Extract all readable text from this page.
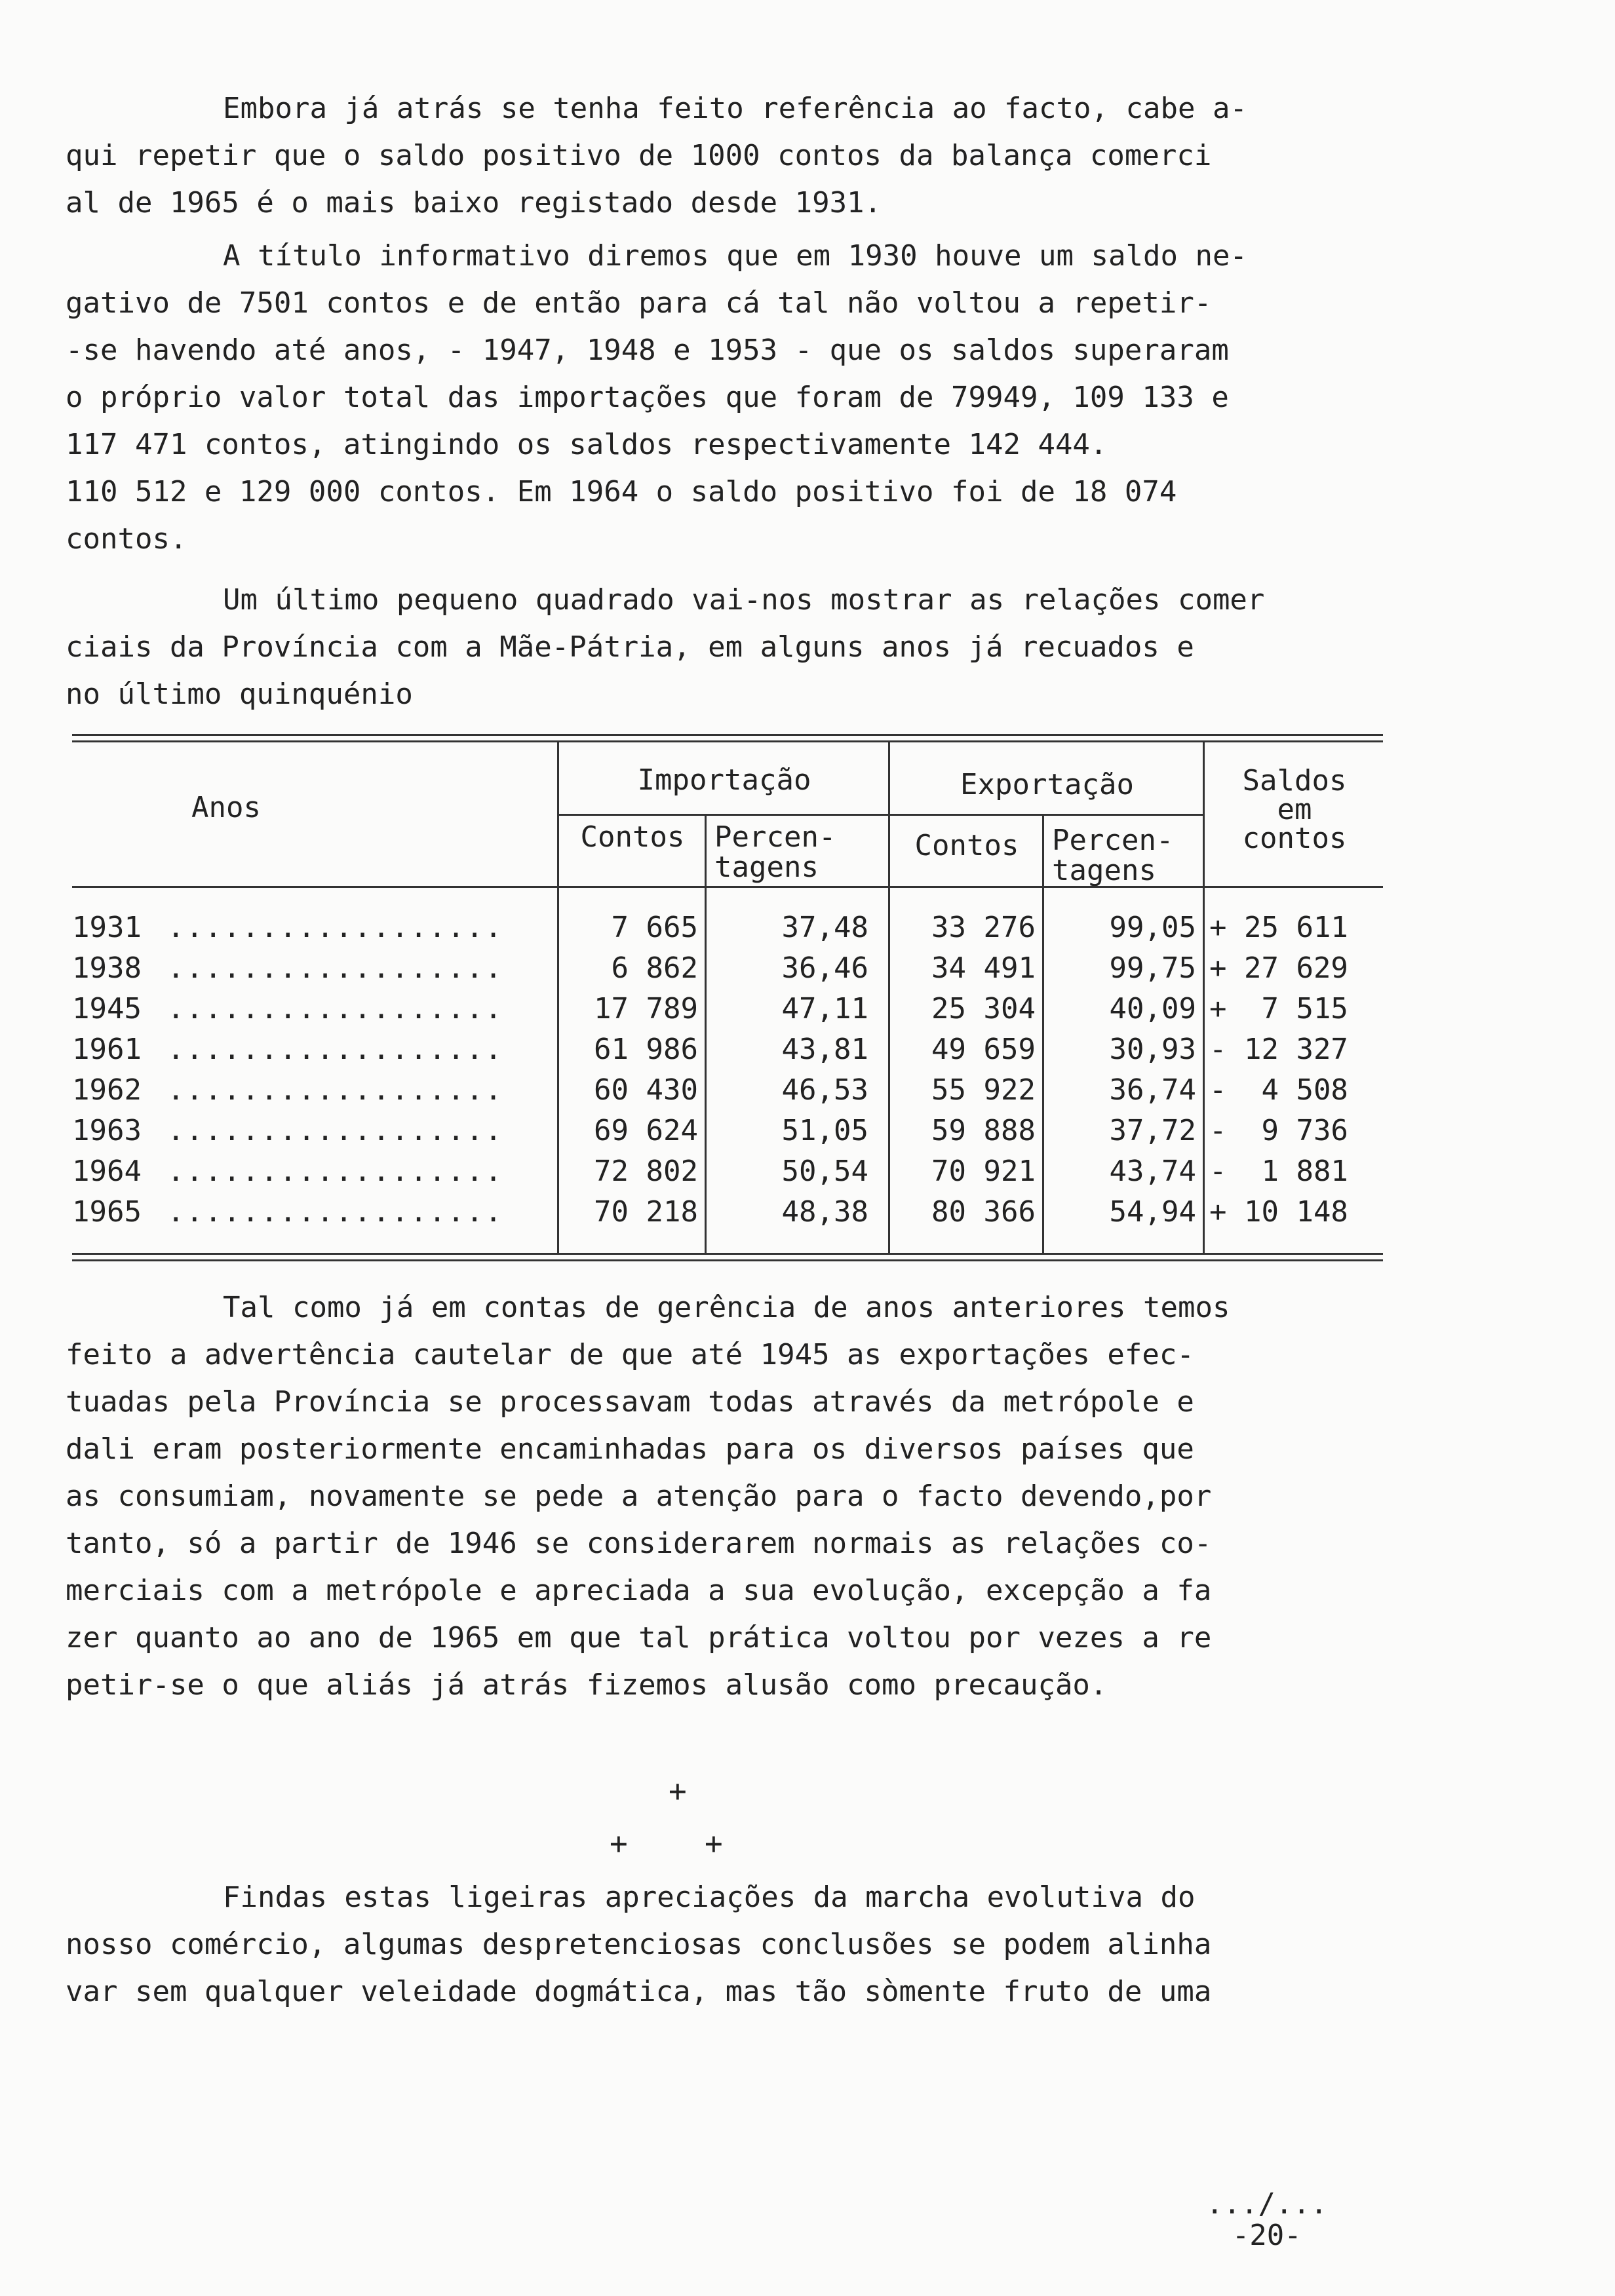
Embora já atrás se tenha feito referência ao facto, cabe a-
qui repetir que o saldo positivo de 1000 contos da balança comerci
al de 1965 é o mais baixo registado desde 1931.
A título informativo diremos que em 1930 houve um saldo ne-
gativo de 7501 contos e de então para cá tal não voltou a repetir-
-se havendo até anos, - 1947, 1948 e 1953 - que os saldos superaram
o próprio valor total das importações que foram de 79949, 109 133 e
117 471 contos, atingindo os saldos respectivamente 142 444.
110 512 e 129 000 contos. Em 1964 o saldo positivo foi de 18 074
contos.
Um último pequeno quadrado vai-nos mostrar as relações comer
ciais da Província com a Mãe-Pátria, em alguns anos já recuados e
no último quinquénio
Anos
Importação	Exportação	Saldos
em
contos
Contos	Percen-
tagens
Contos	Percen-
tagens
1931 ..................	7 665	37,48	33 276	99,05 + 25 611
1938 ..................	6 862	36,46	34 491	99,75 + 27 629
1945 ..................	17 789	47,11	25 304	40,09 +  7 515
1961 ..................	61 986	43,81	49 659	30,93 - 12 327
1962 ..................	60 430	46,53	55 922	36,74 -  4 508
1963 ..................	69 624	51,05	59 888	37,72 -  9 736
1964 ..................	72 802	50,54	70 921	43,74 -  1 881
1965 ..................	70 218	48,38	80 366	54,94 + 10 148
Tal como já em contas de gerência de anos anteriores temos
feito a advertência cautelar de que até 1945 as exportações efec-
tuadas pela Província se processavam todas através da metrópole e
dali eram posteriormente encaminhadas para os diversos países que
as consumiam, novamente se pede a atenção para o facto devendo,por
tanto, só a partir de 1946 se considerarem normais as relações co-
merciais com a metrópole e apreciada a sua evolução, excepção a fa
zer quanto ao ano de 1965 em que tal prática voltou por vezes a re
petir-se o que aliás já atrás fizemos alusão como precaução.
+
+	+
Findas estas ligeiras apreciações da marcha evolutiva do
nosso comércio, algumas despretenciosas conclusões se podem alinha
var sem qualquer veleidade dogmática, mas tão sòmente fruto de uma
.../...
-20-
